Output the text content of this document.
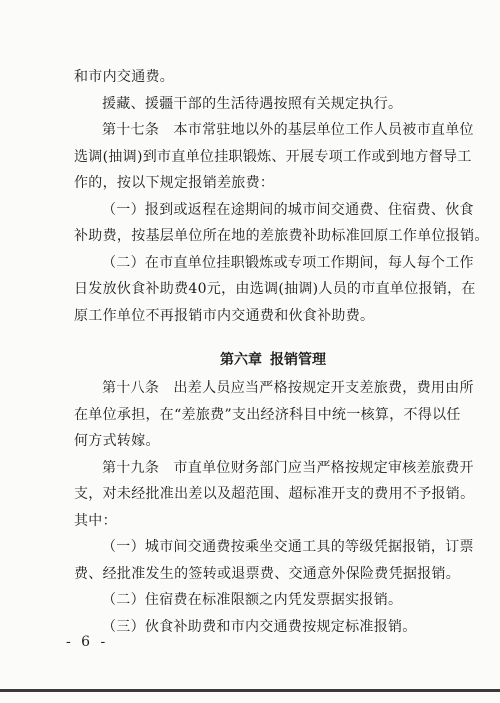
和市内交通费。
援藏、援疆干部的生活待遇按照有关规定执行。
第十七条　本市常驻地以外的基层单位工作人员被市直单位
选调(抽调)到市直单位挂职锻炼、开展专项工作或到地方督导工
作的，按以下规定报销差旅费：
（一）报到或返程在途期间的城市间交通费、住宿费、伙食
补助费，按基层单位所在地的差旅费补助标准回原工作单位报销。
（二）在市直单位挂职锻炼或专项工作期间，每人每个工作
日发放伙食补助费40元，由选调(抽调)人员的市直单位报销，在
原工作单位不再报销市内交通费和伙食补助费。
第六章 报销管理
第十八条　出差人员应当严格按规定开支差旅费，费用由所
在单位承担，在“差旅费”支出经济科目中统一核算，不得以任
何方式转嫁。
第十九条　市直单位财务部门应当严格按规定审核差旅费开
支，对未经批准出差以及超范围、超标准开支的费用不予报销。
其中：
（一）城市间交通费按乘坐交通工具的等级凭据报销，订票
费、经批准发生的签转或退票费、交通意外保险费凭据报销。
（二）住宿费在标准限额之内凭发票据实报销。
（三）伙食补助费和市内交通费按规定标准报销。
- 6 -
